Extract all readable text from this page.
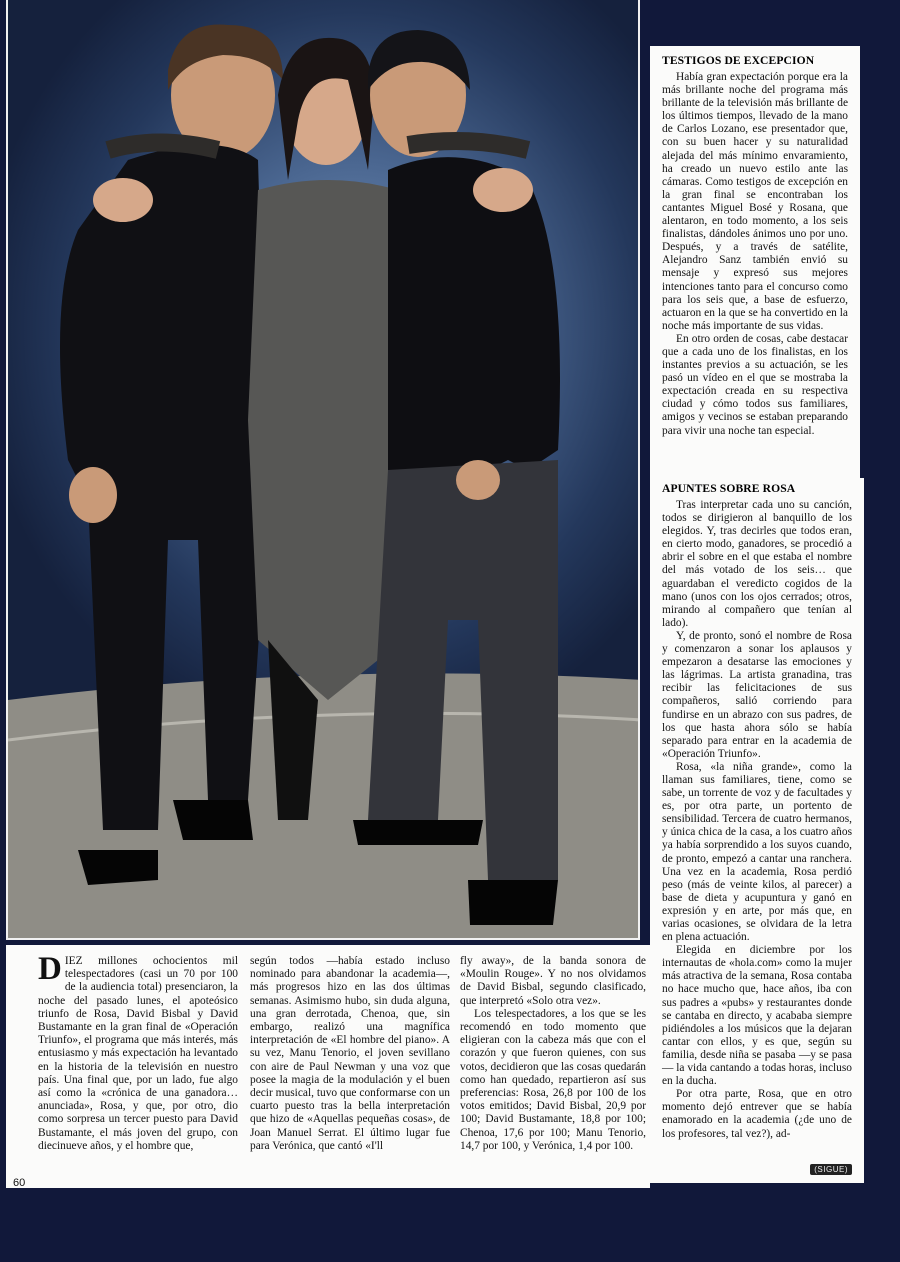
TESTIGOS DE EXCEPCION

Había gran expectación porque era la más brillante noche del programa más brillante de la televisión más brillante de los últimos tiempos, llevado de la mano de Carlos Lozano, ese presentador que, con su buen hacer y su naturalidad alejada del más mínimo envaramiento, ha creado un nuevo estilo ante las cámaras. Como testigos de excepción en la gran final se encontraban los cantantes Miguel Bosé y Rosana, que alentaron, en todo momento, a los seis finalistas, dándoles ánimos uno por uno. Después, y a través de satélite, Alejandro Sanz también envió su mensaje y expresó sus mejores intenciones tanto para el concurso como para los seis que, a base de esfuerzo, actuaron en la que se ha convertido en la noche más importante de sus vidas.

En otro orden de cosas, cabe destacar que a cada uno de los finalistas, en los instantes previos a su actuación, se les pasó un vídeo en el que se mostraba la expectación creada en su respectiva ciudad y cómo todos sus familiares, amigos y vecinos se estaban preparando para vivir una noche tan especial.

APUNTES SOBRE ROSA

Tras interpretar cada uno su canción, todos se dirigieron al banquillo de los elegidos. Y, tras decirles que todos eran, en cierto modo, ganadores, se procedió a abrir el sobre en el que estaba el nombre del más votado de los seis… que aguardaban el veredicto cogidos de la mano (unos con los ojos cerrados; otros, mirando al compañero que tenían al lado).

Y, de pronto, sonó el nombre de Rosa y comenzaron a sonar los aplausos y empezaron a desatarse las emociones y las lágrimas. La artista granadina, tras recibir las felicitaciones de sus compañeros, salió corriendo para fundirse en un abrazo con sus padres, de los que hasta ahora sólo se había separado para entrar en la academia de «Operación Triunfo».

Rosa, «la niña grande», como la llaman sus familiares, tiene, como se sabe, un torrente de voz y de facultades y es, por otra parte, un portento de sensibilidad. Tercera de cuatro hermanos, y única chica de la casa, a los cuatro años ya había sorprendido a los suyos cuando, de pronto, empezó a cantar una ranchera. Una vez en la academia, Rosa perdió peso (más de veinte kilos, al parecer) a base de dieta y acupuntura y ganó en expresión y en arte, por más que, en varias ocasiones, se olvidara de la letra en plena actuación.

Elegida en diciembre por los internautas de «hola.com» como la mujer más atractiva de la semana, Rosa contaba no hace mucho que, hace años, iba con sus padres a «pubs» y restaurantes donde se cantaba en directo, y acababa siempre pidiéndoles a los músicos que la dejaran cantar con ellos, y es que, según su familia, desde niña se pasaba —y se pasa— la vida cantando a todas horas, incluso en la ducha.

Por otra parte, Rosa, que en otro momento dejó entrever que se había enamorado en la academia (¿de uno de los profesores, tal vez?), ad-

(SIGUE)

DIEZ millones ochocientos mil telespectadores (casi un 70 por 100 de la audiencia total) presenciaron, la noche del pasado lunes, el apoteósico triunfo de Rosa, David Bisbal y David Bustamante en la gran final de «Operación Triunfo», el programa que más interés, más entusiasmo y más expectación ha levantado en la historia de la televisión en nuestro país. Una final que, por un lado, fue algo así como la «crónica de una ganadora… anunciada», Rosa, y que, por otro, dio como sorpresa un tercer puesto para David Bustamante, el más joven del grupo, con diecinueve años, y el hombre que,

según todos —había estado incluso nominado para abandonar la academia—, más progresos hizo en las dos últimas semanas. Asimismo hubo, sin duda alguna, una gran derrotada, Chenoa, que, sin embargo, realizó una magnífica interpretación de «El hombre del piano». A su vez, Manu Tenorio, el joven sevillano con aire de Paul Newman y una voz que posee la magia de la modulación y el buen decir musical, tuvo que conformarse con un cuarto puesto tras la bella interpretación que hizo de «Aquellas pequeñas cosas», de Joan Manuel Serrat. El último lugar fue para Verónica, que cantó «I'll

fly away», de la banda sonora de «Moulin Rouge». Y no nos olvidamos de David Bisbal, segundo clasificado, que interpretó «Solo otra vez».

Los telespectadores, a los que se les recomendó en todo momento que eligieran con la cabeza más que con el corazón y que fueron quienes, con sus votos, decidieron que las cosas quedarán como han quedado, repartieron así sus preferencias: Rosa, 26,8 por 100 de los votos emitidos; David Bisbal, 20,9 por 100; David Bustamante, 18,8 por 100; Chenoa, 17,6 por 100; Manu Tenorio, 14,7 por 100, y Verónica, 1,4 por 100.

60
